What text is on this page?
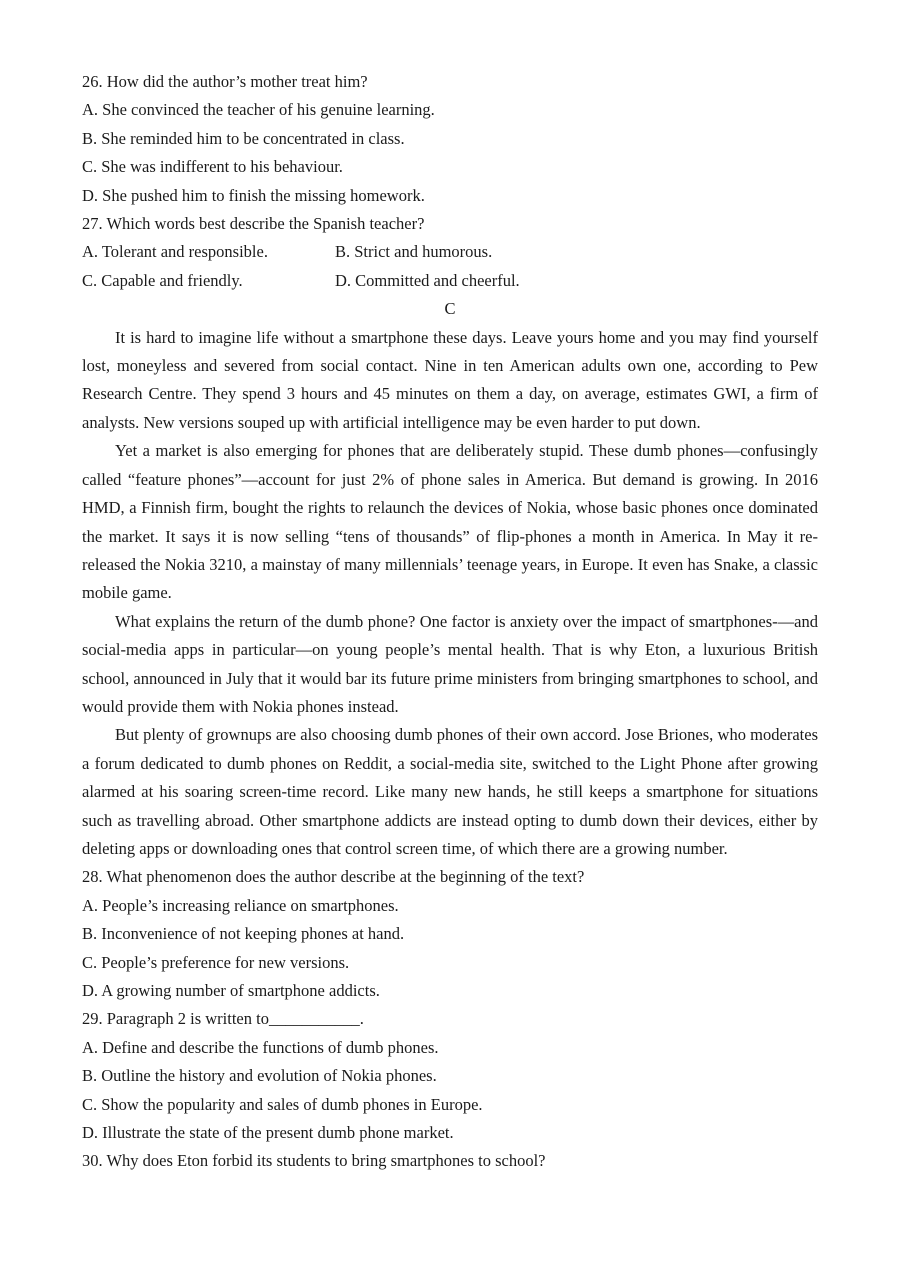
26. How did the author’s mother treat him?

A. She convinced the teacher of his genuine learning.

B. She reminded him to be concentrated in class.

C. She was indifferent to his behaviour.

D. She pushed him to finish the missing homework.

27. Which words best describe the Spanish teacher?

A. Tolerant and responsible.	B. Strict and humorous.

C. Capable and friendly.	D. Committed and cheerful.

C

It is hard to imagine life without a smartphone these days. Leave yours home and you may find yourself lost, moneyless and severed from social contact. Nine in ten American adults own one, according to Pew Research Centre. They spend 3 hours and 45 minutes on them a day, on average, estimates GWI, a firm of analysts. New versions souped up with artificial intelligence may be even harder to put down.

Yet a market is also emerging for phones that are deliberately stupid. These dumb phones—confusingly called “feature phones”—account for just 2% of phone sales in America. But demand is growing. In 2016 HMD, a Finnish firm, bought the rights to relaunch the devices of Nokia, whose basic phones once dominated the market. It says it is now selling “tens of thousands” of flip-phones a month in America. In May it re-released the Nokia 3210, a mainstay of many millennials’ teenage years, in Europe. It even has Snake, a classic mobile game.

What explains the return of the dumb phone? One factor is anxiety over the impact of smartphones-—and social-media apps in particular—on young people’s mental health. That is why Eton, a luxurious British school, announced in July that it would bar its future prime ministers from bringing smartphones to school, and would provide them with Nokia phones instead.

But plenty of grownups are also choosing dumb phones of their own accord. Jose Briones, who moderates a forum dedicated to dumb phones on Reddit, a social-media site, switched to the Light Phone after growing alarmed at his soaring screen-time record. Like many new hands, he still keeps a smartphone for situations such as travelling abroad. Other smartphone addicts are instead opting to dumb down their devices, either by deleting apps or downloading ones that control screen time, of which there are a growing number.

28. What phenomenon does the author describe at the beginning of the text?

A. People’s increasing reliance on smartphones.

B. Inconvenience of not keeping phones at hand.

C. People’s preference for new versions.

D. A growing number of smartphone addicts.

29. Paragraph 2 is written to___________.

A. Define and describe the functions of dumb phones.

B. Outline the history and evolution of Nokia phones.

C. Show the popularity and sales of dumb phones in Europe.

D. Illustrate the state of the present dumb phone market.

30. Why does Eton forbid its students to bring smartphones to school?
